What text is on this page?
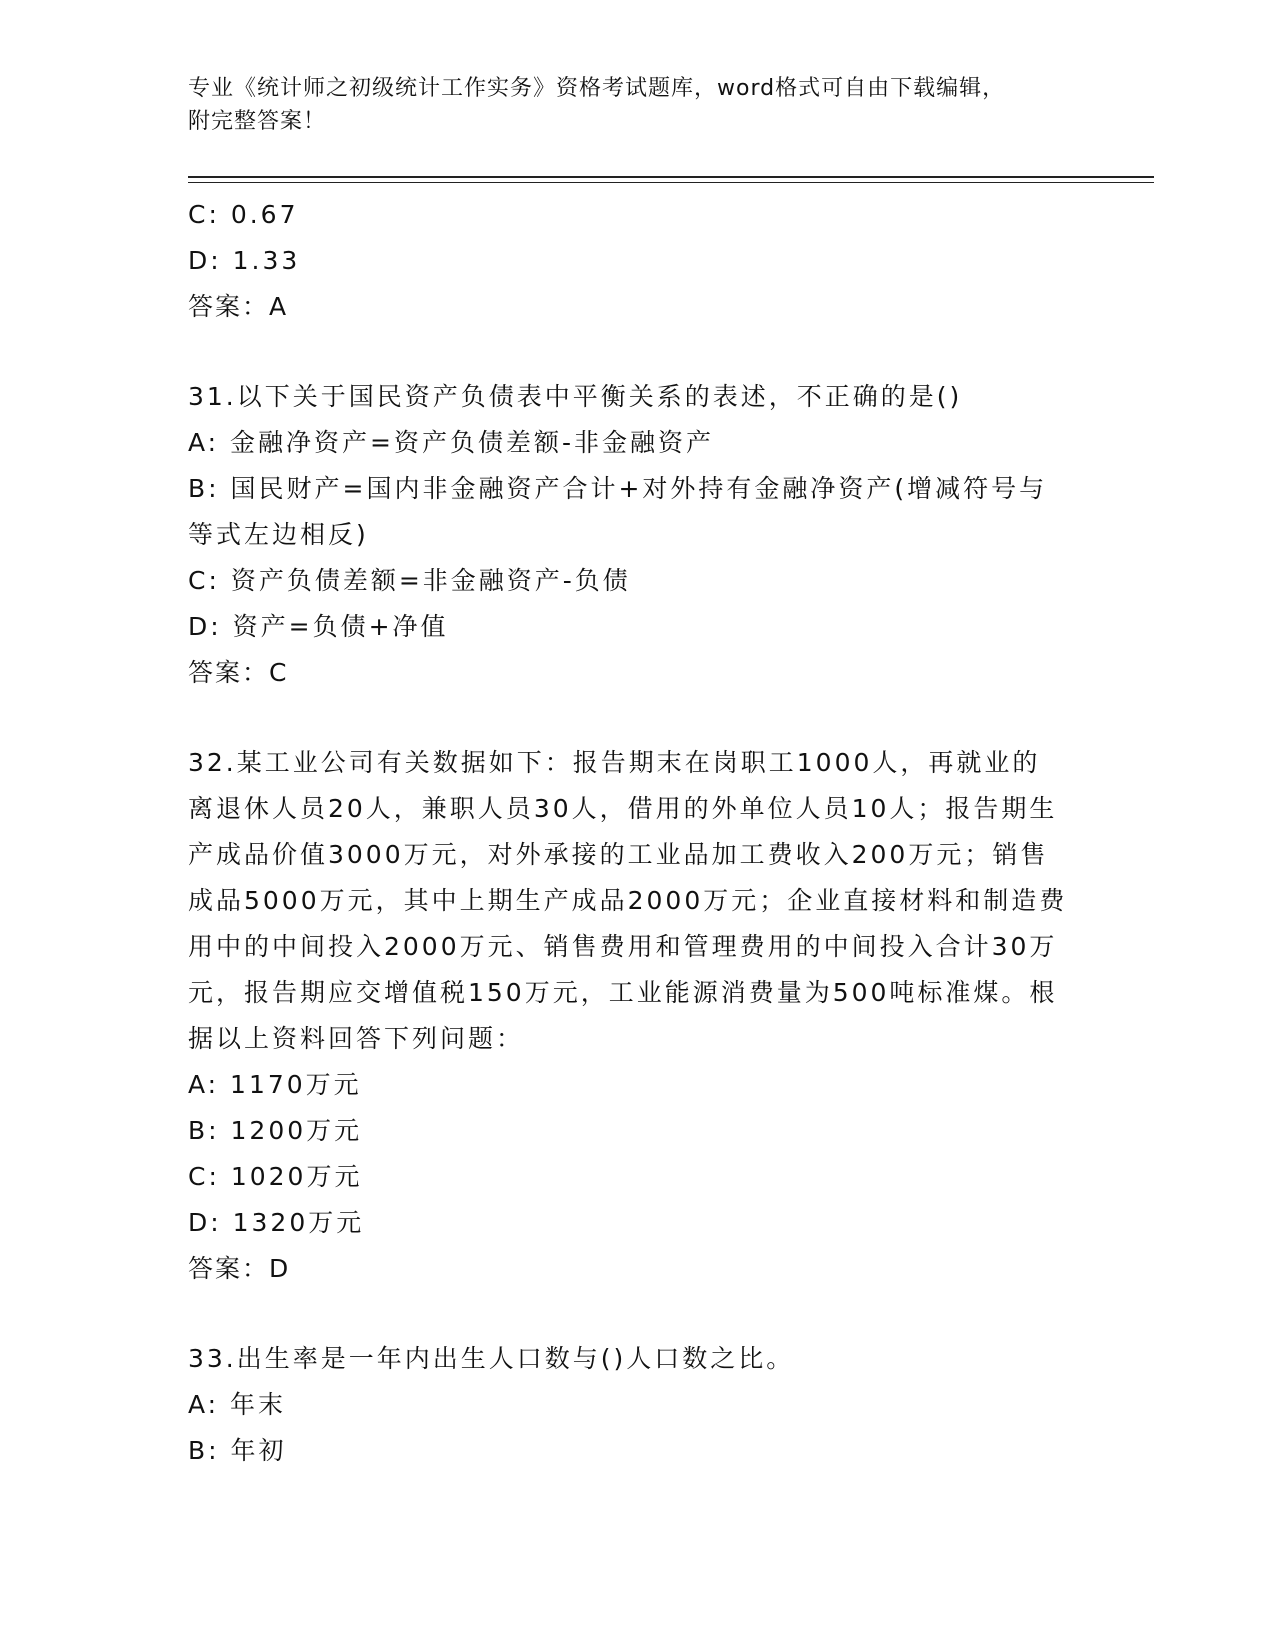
专业《统计师之初级统计工作实务》资格考试题库，word格式可自由下载编辑，
附完整答案！
C: 0.67
D: 1.33
答案：A
31.以下关于国民资产负债表中平衡关系的表述，不正确的是()
A: 金融净资产=资产负债差额-非金融资产
B: 国民财产=国内非金融资产合计+对外持有金融净资产(增减符号与等式左边相反)
C: 资产负债差额=非金融资产-负债
D: 资产=负债+净值
答案：C
32.某工业公司有关数据如下：报告期末在岗职工1000人，再就业的离退休人员20人，兼职人员30人，借用的外单位人员10人；报告期生产成品价值3000万元，对外承接的工业品加工费收入200万元；销售成品5000万元，其中上期生产成品2000万元；企业直接材料和制造费用中的中间投入2000万元、销售费用和管理费用的中间投入合计30万元，报告期应交增值税150万元，工业能源消费量为500吨标准煤。根据以上资料回答下列问题：
A: 1170万元
B: 1200万元
C: 1020万元
D: 1320万元
答案：D
33.出生率是一年内出生人口数与()人口数之比。
A: 年末
B: 年初
